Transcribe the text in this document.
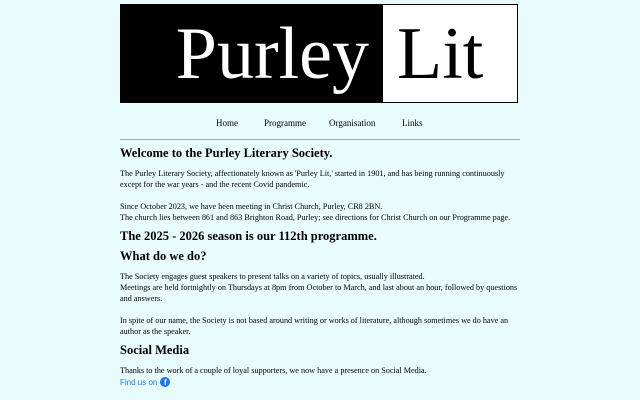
Purley Lit
Home	Programme	Organisation	Links
Welcome to the Purley Literary Society.

The Purley Literary Society, affectionately known as 'Purley Lit,' started in 1901, and has being running continuously except for the war years - and the recent Covid pandemic.

Since October 2023, we have been meeting in Christ Church, Purley, CR8 2BN.

The church lies between 861 and 863 Brighton Road, Purley; see directions for Christ Church on our Programme page.

The 2025 - 2026 season is our 112th programme.
What do we do?

The Society engages guest speakers to present talks on a variety of topics, usually illustrated.

Meetings are held fortnightly on Thursdays at 8pm from October to March, and last about an hour, followed by questions and answers.

In spite of our name, the Society is not based around writing or works of literature, although sometimes we do have an author as the speaker.

Social Media

Thanks to the work of a couple of loyal supporters, we now have a presence on Social Media.

Find us on f
